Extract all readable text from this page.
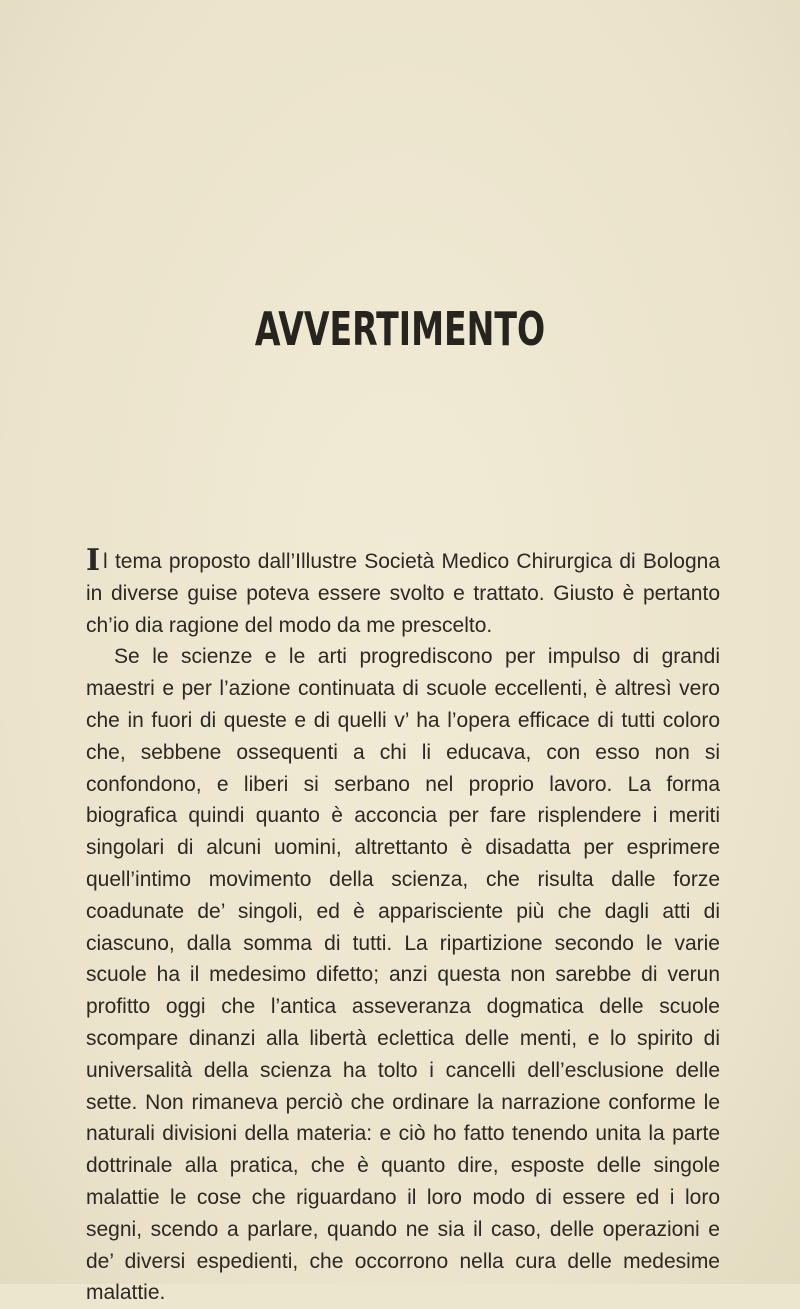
AVVERTIMENTO

I l tema proposto dall’Illustre Società Medico Chirurgica di Bologna in diverse guise poteva essere svolto e trattato. Giusto è pertanto ch’io dia ragione del modo da me prescelto.

Se le scienze e le arti progrediscono per impulso di grandi maestri e per l’azione continuata di scuole eccellenti, è altresì vero che in fuori di queste e di quelli v’ ha l’opera efficace di tutti coloro che, sebbene ossequenti a chi li educava, con esso non si confondono, e liberi si serbano nel proprio lavoro. La forma biografica quindi quanto è acconcia per fare risplendere i meriti singolari di alcuni uomini, altrettanto è disadatta per esprimere quell’intimo movimento della scienza, che risulta dalle forze coadunate de’ singoli, ed è apparisciente più che dagli atti di ciascuno, dalla somma di tutti. La ripartizione secondo le varie scuole ha il medesimo difetto; anzi questa non sarebbe di verun profitto oggi che l’antica asseveranza dogmatica delle scuole scompare dinanzi alla libertà eclettica delle menti, e lo spirito di universalità della scienza ha tolto i cancelli dell’esclusione delle sette. Non rimaneva perciò che ordinare la narrazione conforme le naturali divisioni della materia: e ciò ho fatto tenendo unita la parte dottrinale alla pratica, che è quanto dire, esposte delle singole malattie le cose che riguardano il loro modo di essere ed i loro segni, scendo a parlare, quando ne sia il caso, delle operazioni e de’ diversi espedienti, che occorrono nella cura delle medesime malattie.
